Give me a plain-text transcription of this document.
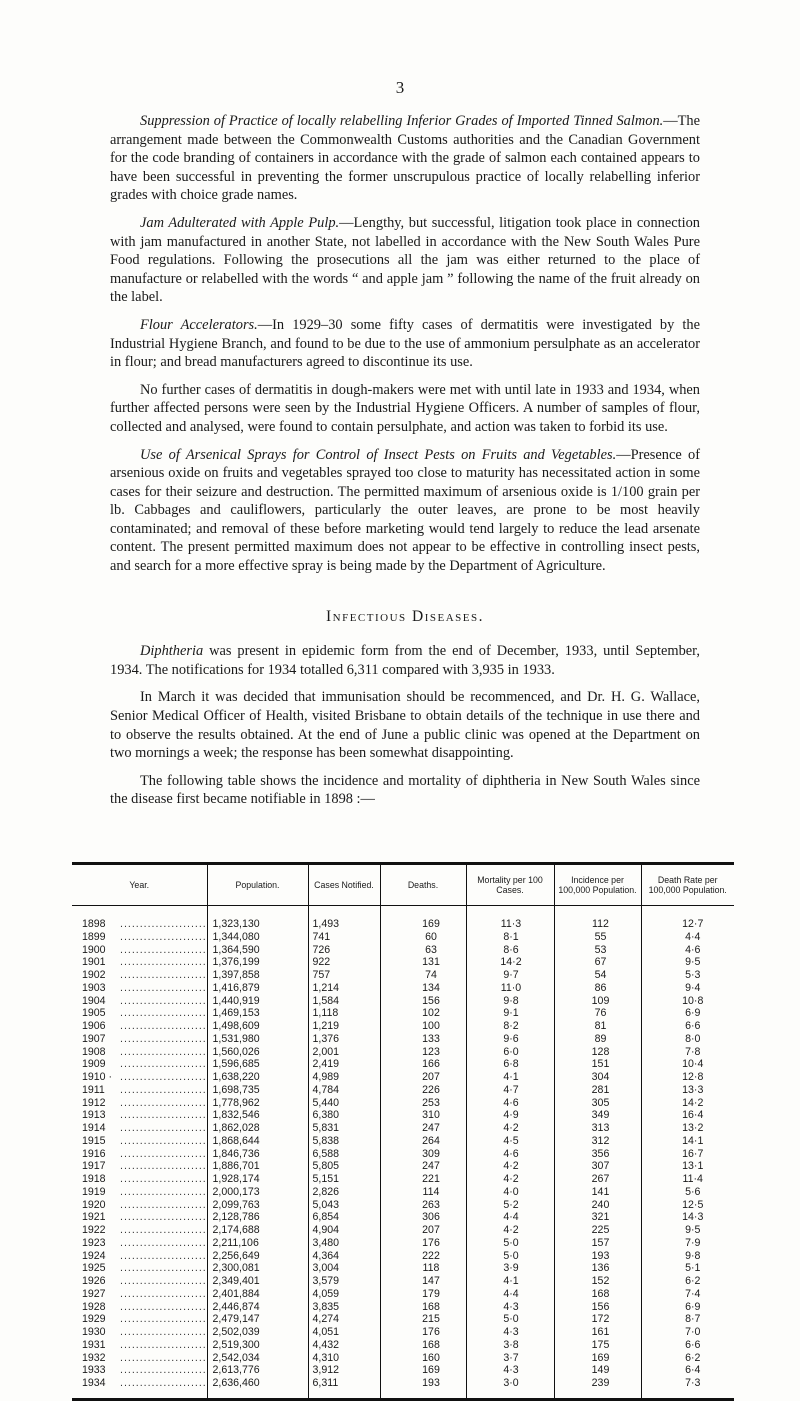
3

Suppression of Practice of locally relabelling Inferior Grades of Imported Tinned Salmon.—The arrangement made between the Commonwealth Customs authorities and the Canadian Government for the code branding of containers in accordance with the grade of salmon each contained appears to have been successful in preventing the former unscrupulous practice of locally relabelling inferior grades with choice grade names.

Jam Adulterated with Apple Pulp.—Lengthy, but successful, litigation took place in connection with jam manufactured in another State, not labelled in accordance with the New South Wales Pure Food regulations. Following the prosecutions all the jam was either returned to the place of manufacture or relabelled with the words “ and apple jam ” following the name of the fruit already on the label.

Flour Accelerators.—In 1929–30 some fifty cases of dermatitis were investigated by the Industrial Hygiene Branch, and found to be due to the use of ammonium persulphate as an accelerator in flour; and bread manufacturers agreed to discontinue its use.

No further cases of dermatitis in dough-makers were met with until late in 1933 and 1934, when further affected persons were seen by the Industrial Hygiene Officers. A number of samples of flour, collected and analysed, were found to contain persulphate, and action was taken to forbid its use.

Use of Arsenical Sprays for Control of Insect Pests on Fruits and Vegetables.—Presence of arsenious oxide on fruits and vegetables sprayed too close to maturity has necessitated action in some cases for their seizure and destruction. The permitted maximum of arsenious oxide is 1/100 grain per lb. Cabbages and cauliflowers, particularly the outer leaves, are prone to be most heavily contaminated; and removal of these before marketing would tend largely to reduce the lead arsenate content. The present permitted maximum does not appear to be effective in controlling insect pests, and search for a more effective spray is being made by the Department of Agriculture.

Infectious Diseases.

Diphtheria was present in epidemic form from the end of December, 1933, until September, 1934. The notifications for 1934 totalled 6,311 compared with 3,935 in 1933.

In March it was decided that immunisation should be recommenced, and Dr. H. G. Wallace, Senior Medical Officer of Health, visited Brisbane to obtain details of the technique in use there and to observe the results obtained. At the end of June a public clinic was opened at the Department on two mornings a week; the response has been somewhat disappointing.

The following table shows the incidence and mortality of diphtheria in New South Wales since the disease first became notifiable in 1898 :—

Year.	Population.	Cases Notified.	Deaths.	Mortality per 100 Cases.	Incidence per 100,000 Population.	Death Rate per 100,000 Population.
1898 .....	1,323,130	1,493	169	11·3	112	12·7
1899 .....	1,344,080	741	60	8·1	55	4·4
1900 .....	1,364,590	726	63	8·6	53	4·6
1901 .....	1,376,199	922	131	14·2	67	9·5
1902 .....	1,397,858	757	74	9·7	54	5·3
1903 .....	1,416,879	1,214	134	11·0	86	9·4
1904 .....	1,440,919	1,584	156	9·8	109	10·8
1905 .....	1,469,153	1,118	102	9·1	76	6·9
1906 .....	1,498,609	1,219	100	8·2	81	6·6
1907 .....	1,531,980	1,376	133	9·6	89	8·0
1908 .....	1,560,026	2,001	123	6·0	128	7·8
1909 .....	1,596,685	2,419	166	6·8	151	10·4
1910 · .....	1,638,220	4,989	207	4·1	304	12·8
1911 .....	1,698,735	4,784	226	4·7	281	13·3
1912 .....	1,778,962	5,440	253	4·6	305	14·2
1913 .....	1,832,546	6,380	310	4·9	349	16·4
1914 .....	1,862,028	5,831	247	4·2	313	13·2
1915 .....	1,868,644	5,838	264	4·5	312	14·1
1916 .....	1,846,736	6,588	309	4·6	356	16·7
1917 .....	1,886,701	5,805	247	4·2	307	13·1
1918 .....	1,928,174	5,151	221	4·2	267	11·4
1919 .....	2,000,173	2,826	114	4·0	141	5·6
1920 .....	2,099,763	5,043	263	5·2	240	12·5
1921 .....	2,128,786	6,854	306	4·4	321	14·3
1922 .....	2,174,688	4,904	207	4·2	225	9·5
1923 .....	2,211,106	3,480	176	5·0	157	7·9
1924 .....	2,256,649	4,364	222	5·0	193	9·8
1925 .....	2,300,081	3,004	118	3·9	136	5·1
1926 .....	2,349,401	3,579	147	4·1	152	6·2
1927 .....	2,401,884	4,059	179	4·4	168	7·4
1928 .....	2,446,874	3,835	168	4·3	156	6·9
1929 .....	2,479,147	4,274	215	5·0	172	8·7
1930 .....	2,502,039	4,051	176	4·3	161	7·0
1931 .....	2,519,300	4,432	168	3·8	175	6·6
1932 .....	2,542,034	4,310	160	3·7	169	6·2
1933 .....	2,613,776	3,912	169	4·3	149	6·4
1934 .....	2,636,460	6,311	193	3·0	239	7·3
